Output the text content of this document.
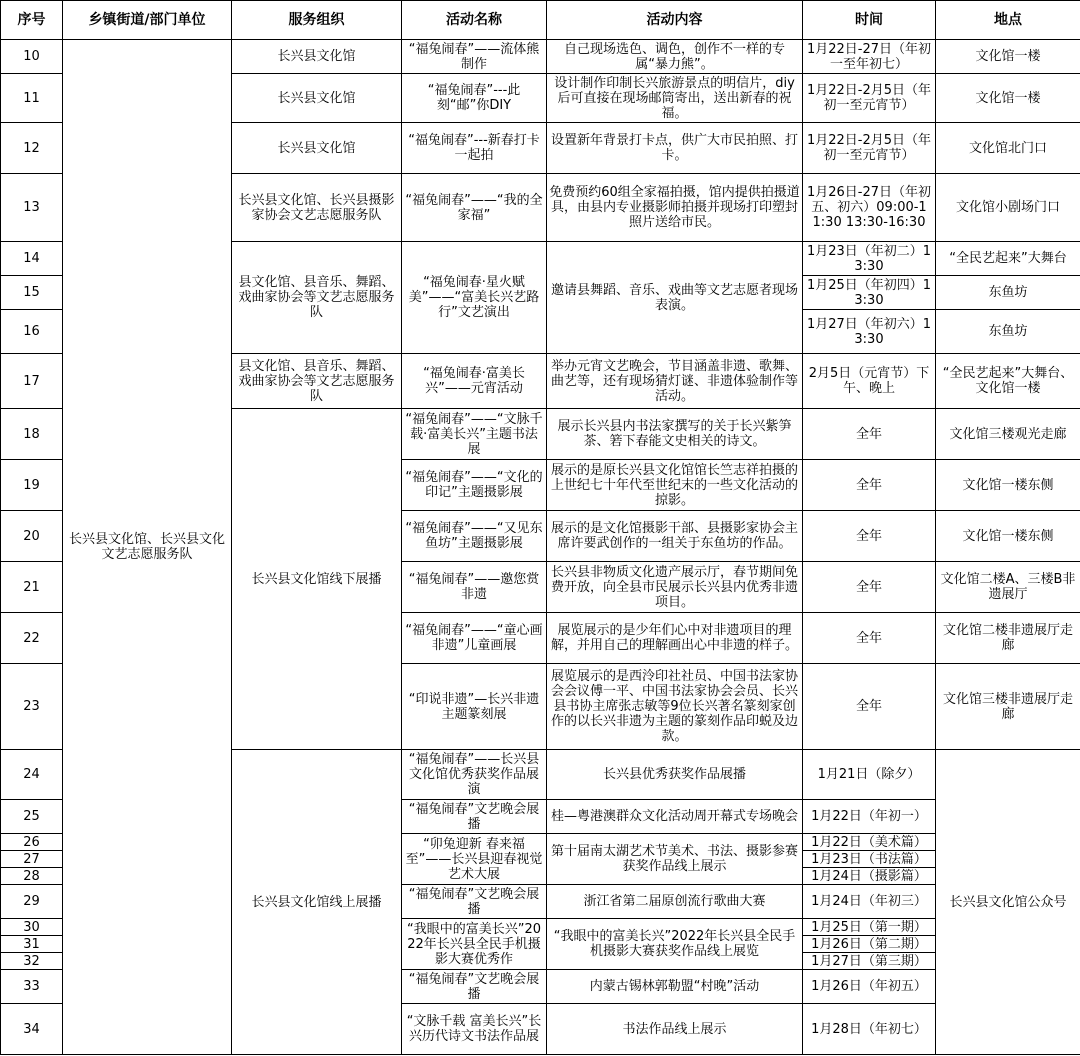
序号	乡镇街道/部门单位	服务组织	活动名称	活动内容	时间	地点
10	长兴县文化馆、长兴县文化文艺志愿服务队	长兴县文化馆	“福兔闹春”——流体熊制作	自己现场选色、调色，创作不一样的专属“暴力熊”。	1月22日-27日（年初一至年初七）	文化馆一楼
11		长兴县文化馆	“福兔闹春”---此刻“邮”你DIY	设计制作印制长兴旅游景点的明信片，diy后可直接在现场邮筒寄出，送出新春的祝福。	1月22日-2月5日（年初一至元宵节）	文化馆一楼
12		长兴县文化馆	“福兔闹春”---新春打卡一起拍	设置新年背景打卡点，供广大市民拍照、打卡。	1月22日-2月5日（年初一至元宵节）	文化馆北门口
13		长兴县文化馆、长兴县摄影家协会文艺志愿服务队	“福兔闹春”——“我的全家福”	免费预约60组全家福拍摄，馆内提供拍摄道具，由县内专业摄影师拍摄并现场打印塑封照片送给市民。	1月26日-27日（年初五、初六）09:00-11:30 13:30-16:30	文化馆小剧场门口
14		县文化馆、县音乐、舞蹈、戏曲家协会等文艺志愿服务队	“福兔闹春·星火赋美”——“富美长兴艺路行”文艺演出	邀请县舞蹈、音乐、戏曲等文艺志愿者现场表演。	1月23日（年初二）13:30	“全民艺起来”大舞台
15					1月25日（年初四）13:30	东鱼坊
16					1月27日（年初六）13:30	东鱼坊
17		县文化馆、县音乐、舞蹈、戏曲家协会等文艺志愿服务队	“福兔闹春·富美长兴”——元宵活动	举办元宵文艺晚会，节目涵盖非遗、歌舞、曲艺等，还有现场猜灯谜、非遗体验制作等活动。	2月5日（元宵节）下午、晚上	“全民艺起来”大舞台、文化馆一楼
18		长兴县文化馆线下展播	“福兔闹春”——“文脉千载·富美长兴”主题书法展	展示长兴县内书法家撰写的关于长兴紫笋茶、箬下春能文史相关的诗文。	全年	文化馆三楼观光走廊
19			“福兔闹春”——“文化的印记”主题摄影展	展示的是原长兴县文化馆馆长竺志祥拍摄的上世纪七十年代至世纪末的一些文化活动的掠影。	全年	文化馆一楼东侧
20			“福兔闹春”——“又见东鱼坊”主题摄影展	展示的是文化馆摄影干部、县摄影家协会主席许要武创作的一组关于东鱼坊的作品。	全年	文化馆一楼东侧
21			“福兔闹春”——邀您赏非遗	长兴县非物质文化遗产展示厅，春节期间免费开放，向全县市民展示长兴县内优秀非遗项目。	全年	文化馆二楼A、三楼B非遗展厅
22			“福兔闹春”——“童心画非遗”儿童画展	展览展示的是少年们心中对非遗项目的理解，并用自己的理解画出心中非遗的样子。	全年	文化馆二楼非遗展厅走廊
23			“印说非遗”—长兴非遗主题篆刻展	展览展示的是西泠印社社员、中国书法家协会会议傅一平、中国书法家协会会员、长兴县书协主席张志敏等9位长兴著名篆刻家创作的以长兴非遗为主题的篆刻作品印蜕及边款。	全年	文化馆三楼非遗展厅走廊
24		长兴县文化馆线上展播	“福兔闹春”——长兴县文化馆优秀获奖作品展演	长兴县优秀获奖作品展播	1月21日（除夕）	长兴县文化馆公众号
25			“福兔闹春”文艺晚会展播	桂—粤港澳群众文化活动周开幕式专场晚会	1月22日（年初一）	
26			“卯兔迎新 春来福至”——长兴县迎春视觉艺术大展	第十届南太湖艺术节美术、书法、摄影参赛获奖作品线上展示	1月22日（美术篇）	
27					1月23日（书法篇）	
28					1月24日（摄影篇）	
29			“福兔闹春”文艺晚会展播	浙江省第二届原创流行歌曲大赛	1月24日（年初三）	
30			“我眼中的富美长兴”2022年长兴县全民手机摄影大赛优秀作	“我眼中的富美长兴”2022年长兴县全民手机摄影大赛获奖作品线上展览	1月25日（第一期）	
31					1月26日（第二期）	
32					1月27日（第三期）	
33			“福兔闹春”文艺晚会展播	内蒙古锡林郭勒盟“村晚”活动	1月26日（年初五）	
34			“文脉千载 富美长兴”长兴历代诗文书法作品展	书法作品线上展示	1月28日（年初七）	
